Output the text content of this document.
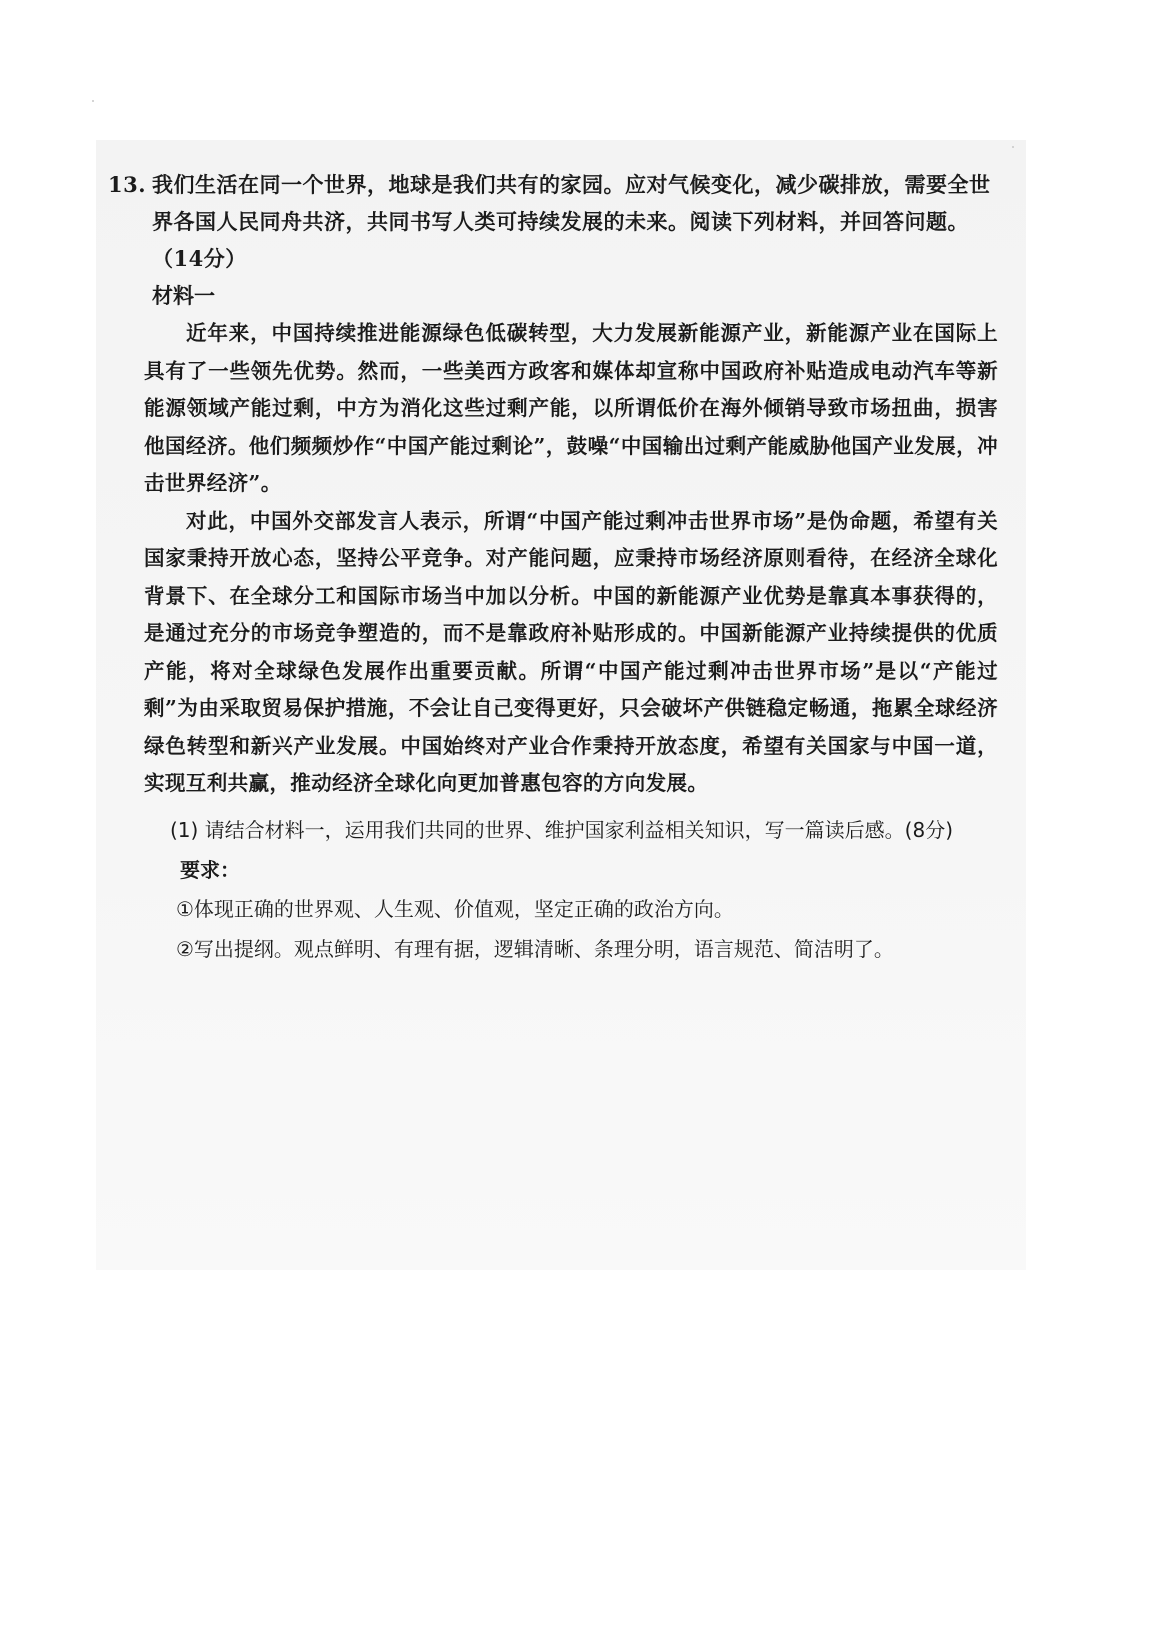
13. 我们生活在同一个世界，地球是我们共有的家园。应对气候变化，减少碳排放，需要全世界各国人民同舟共济，共同书写人类可持续发展的未来。阅读下列材料，并回答问题。（14分）
材料一
近年来，中国持续推进能源绿色低碳转型，大力发展新能源产业，新能源产业在国际上具有了一些领先优势。然而，一些美西方政客和媒体却宣称中国政府补贴造成电动汽车等新能源领域产能过剩，中方为消化这些过剩产能，以所谓低价在海外倾销导致市场扭曲，损害他国经济。他们频频炒作“中国产能过剩论”，鼓噪“中国输出过剩产能威胁他国产业发展，冲击世界经济”。
对此，中国外交部发言人表示，所谓“中国产能过剩冲击世界市场”是伪命题，希望有关国家秉持开放心态，坚持公平竞争。对产能问题，应秉持市场经济原则看待，在经济全球化背景下、在全球分工和国际市场当中加以分析。中国的新能源产业优势是靠真本事获得的，是通过充分的市场竞争塑造的，而不是靠政府补贴形成的。中国新能源产业持续提供的优质产能，将对全球绿色发展作出重要贡献。所谓“中国产能过剩冲击世界市场”是以“产能过剩”为由采取贸易保护措施，不会让自己变得更好，只会破坏产供链稳定畅通，拖累全球经济绿色转型和新兴产业发展。中国始终对产业合作秉持开放态度，希望有关国家与中国一道，实现互利共赢，推动经济全球化向更加普惠包容的方向发展。
(1) 请结合材料一，运用我们共同的世界、维护国家利益相关知识，写一篇读后感。(8分)
要求：
①体现正确的世界观、人生观、价值观，坚定正确的政治方向。
②写出提纲。观点鲜明、有理有据，逻辑清晰、条理分明，语言规范、简洁明了。
